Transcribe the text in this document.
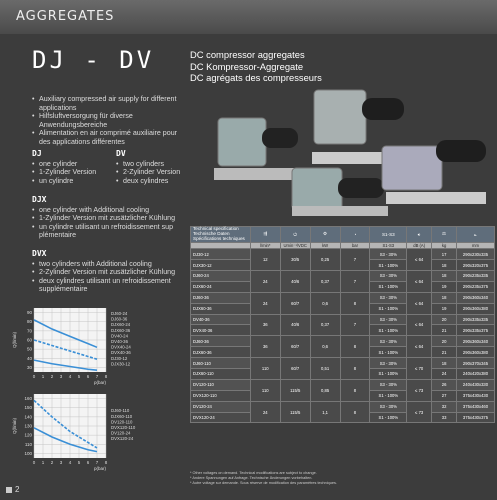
AGGREGATES
DJ - DV	DC compressor aggregates
DC Kompressor-Aggregate
DC agrégats des compresseurs
• Auxiliary compressed air supply for different applications
• Hilfsluftversorgung für diverse Anwendungsbereiche
• Alimentation en air comprimé auxiliaire pour des applications différentes
DJ
• one cylinder
• 1-Zylinder Version
• un cylindre
DV
• two cylinders
• 2-Zylinder Version
• deux cylindres
DJX
• one cylinder with Additional cooling
• 1-Zylinder Version mit zusätzlicher Kühlung
• un cylindre utilisant un refroidissement sup plémentaire
DVX
• two cylinders with Additional cooling
• 2-Zylinder Version mit zusätzlicher Kühlung
• deux cylindres utilisant un refroidissement supplémentaire
30
40
50
60
70
80
90
0 1 2 3 4 5 6 7 8
Q(l/min)
p(bar)
DJ60-24
DJ60-36
DJX60-24
DJX60-36
DV40-24
DV40-36
DVX40-24
DVX40-36
DJ30-12
DJX30-12
100
110
120
130
140
150
160
0 1 2 3 4 5 6 7 8
Q(l/min)
p(bar)
DJ60-110
DJX60-110
DV120-110
DVX120-110
DV120-24
DVX120-24
Technical specification
Technische Daten
Spécifications techniques	⇶	⏻	⚙	◔	S1-S3	🔉︎	⚖	⟀
	l/min*	Umin⁻¹/VDC	kW	bar	S1-S3	dB (A)	kg	mm
DJ30-12	12	30/5	0,25	7	S3 - 30%	≤ 64	17	290x230x335
DJX30-12					S1 - 100%		18	290x320x375
DJ60-24	24	40/6	0,37	7	S3 - 30%	≤ 64	18	290x235x335
DJX60-24					S1 - 100%		19	290x235x375
DJ60-36	24	60/7	0,6	8	S3 - 30%	≤ 64	18	290x360x340
DJX60-36					S1 - 100%		19	290x360x380
DV40-36	36	40/6	0,37	7	S3 - 30%	≤ 64	20	290x335x335
DVX40-36					S1 - 100%		21	290x335x375
DJ60-36	36	60/7	0,6	8	S3 - 30%	≤ 64	20	290x360x340
DJX60-36					S1 - 100%		21	290x360x380
DJ60-110	110	60/7	0,51	8	S3 - 30%	≤ 70	18	290x370x345
DJX60-110					S1 - 100%		24	240x420x380
DV120-110	110	115/5	0,85	8	S3 - 30%	≤ 73	26	240x430x330
DVX120-110					S1 - 100%		27	375x430x430
DV120-24	24	115/5	1,1	8	S3 - 30%	≤ 73	32	375x430x460
DVX120-24					S1 - 100%		33	375x430x375
* Other voltages on demand. Technical modifications are subject to change.
* Andere Spannungen auf Anfrage. Technische Änderungen vorbehalten.
* Autre voltage sur demande. Sous réserve de modification des paramètres techniques.
2
